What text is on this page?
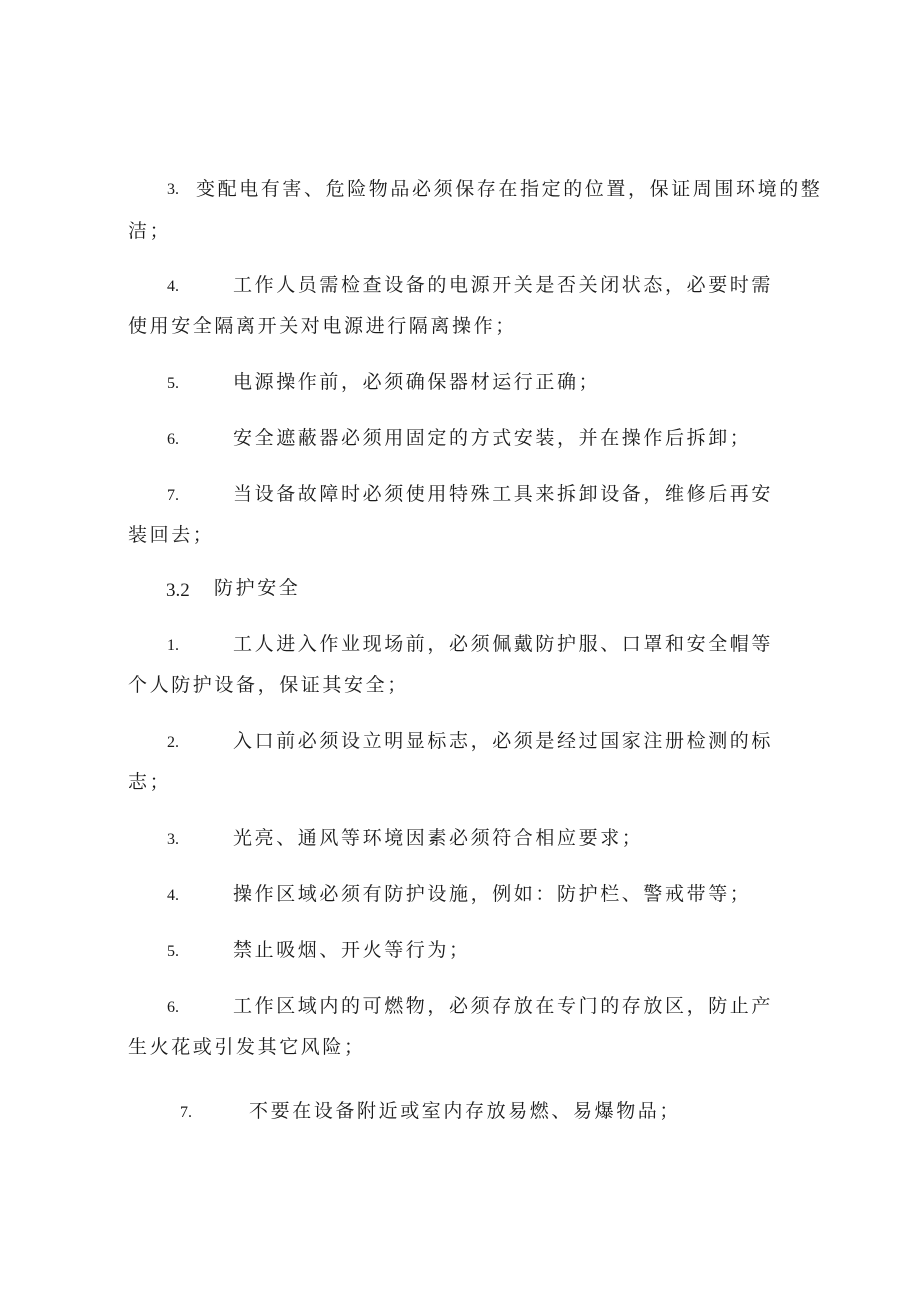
3. 变配电有害、危险物品必须保存在指定的位置，保证周围环境的整
洁；
4.	工作人员需检查设备的电源开关是否关闭状态，必要时需
使用安全隔离开关对电源进行隔离操作；
5.	电源操作前，必须确保器材运行正确；
6.	安全遮蔽器必须用固定的方式安装，并在操作后拆卸；
7.	当设备故障时必须使用特殊工具来拆卸设备，维修后再安
装回去；
3.2 防护安全
1.	工人进入作业现场前，必须佩戴防护服、口罩和安全帽等
个人防护设备，保证其安全；
2.	入口前必须设立明显标志，必须是经过国家注册检测的标
志；
3.	光亮、通风等环境因素必须符合相应要求；
4.	操作区域必须有防护设施，例如：防护栏、警戒带等；
5.	禁止吸烟、开火等行为；
6.	工作区域内的可燃物，必须存放在专门的存放区，防止产
生火花或引发其它风险；
7.	不要在设备附近或室内存放易燃、易爆物品；
